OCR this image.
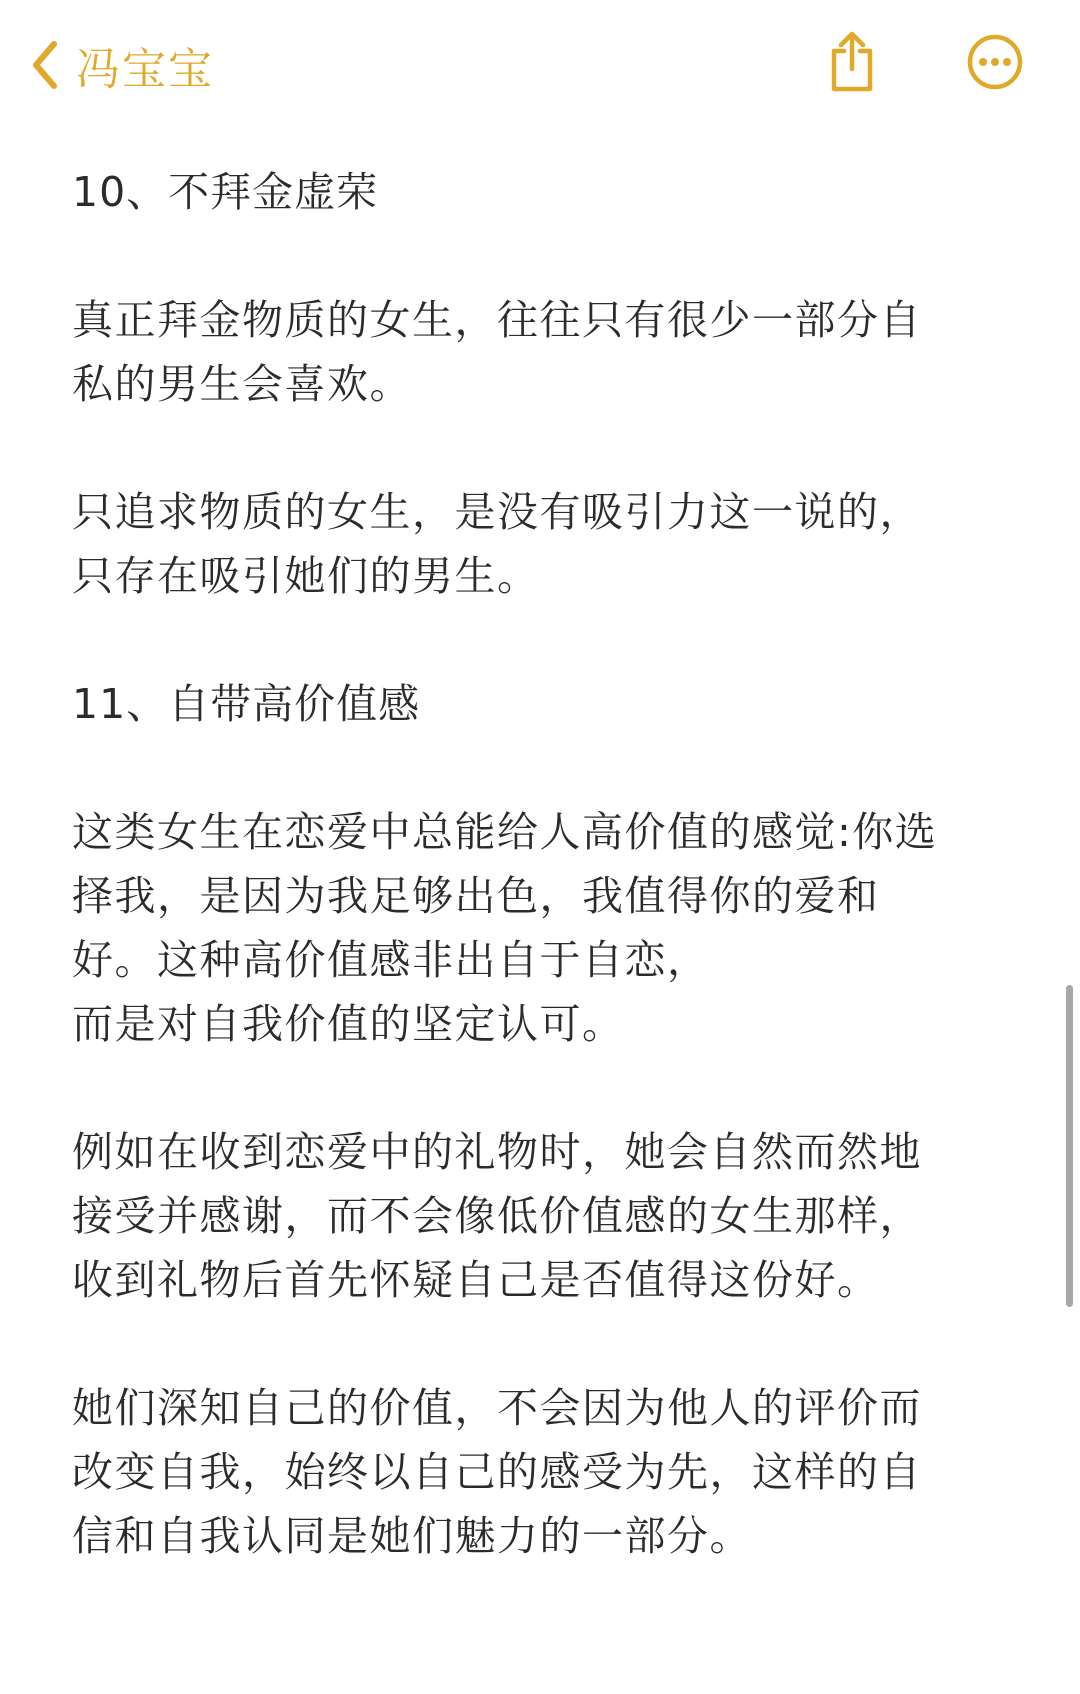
冯宝宝

10、不拜金虚荣

真正拜金物质的女生，往往只有很少一部分自
私的男生会喜欢。

只追求物质的女生，是没有吸引力这一说的，
只存在吸引她们的男生。

11、自带高价值感

这类女生在恋爱中总能给人高价值的感觉:你选
择我，是因为我足够出色，我值得你的爱和
好。这种高价值感非出自于自恋，
而是对自我价值的坚定认可。

例如在收到恋爱中的礼物时，她会自然而然地
接受并感谢，而不会像低价值感的女生那样，
收到礼物后首先怀疑自己是否值得这份好。

她们深知自己的价值，不会因为他人的评价而
改变自我，始终以自己的感受为先，这样的自
信和自我认同是她们魅力的一部分。
